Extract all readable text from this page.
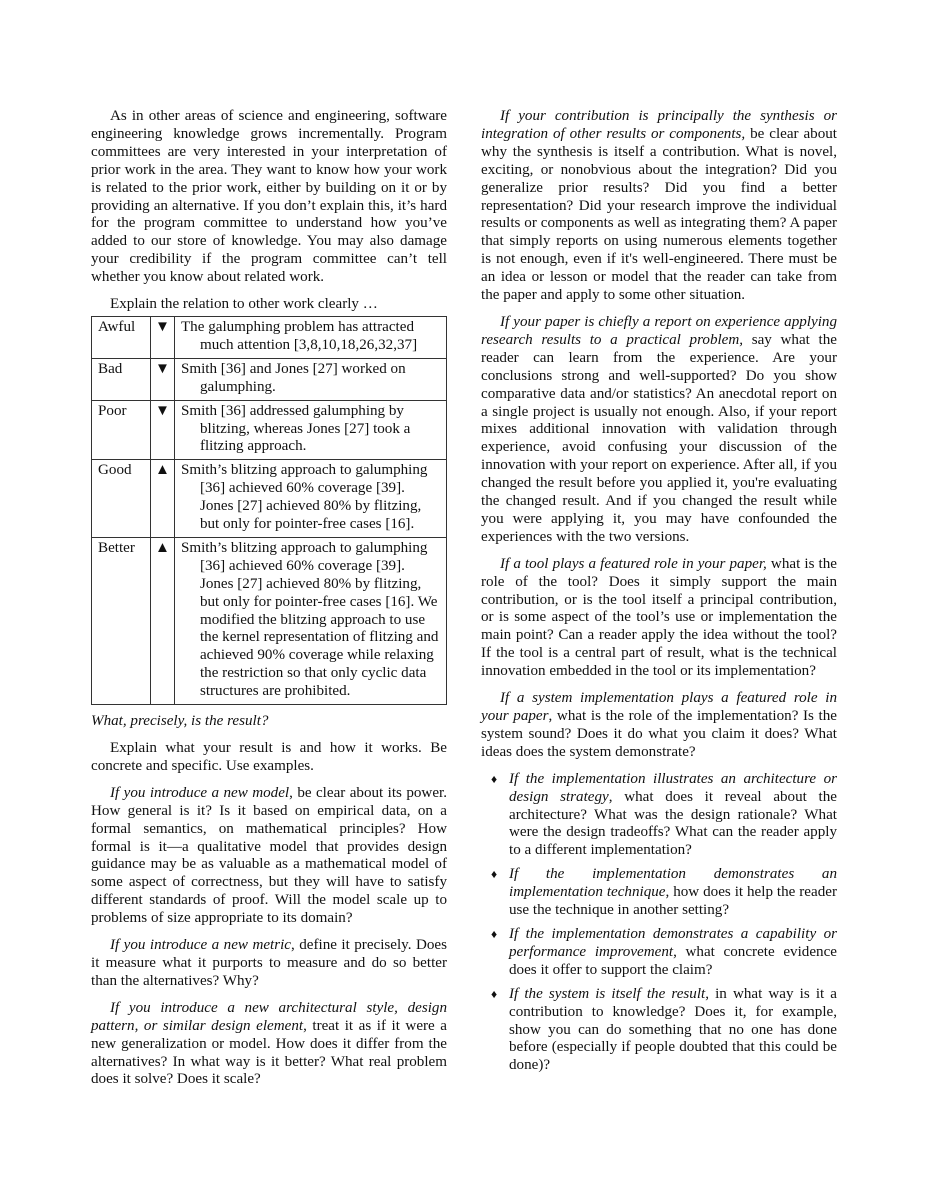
As in other areas of science and engineering, software engineering knowledge grows incrementally. Program committees are very interested in your interpretation of prior work in the area. They want to know how your work is related to the prior work, either by building on it or by providing an alternative. If you don’t explain this, it’s hard for the program committee to understand how you’ve added to our store of knowledge. You may also damage your credibility if the program committee can’t tell whether you know about related work.

Explain the relation to other work clearly …
Awful	▼	The galumphing problem has attracted much attention [3,8,10,18,26,32,37]

Bad	▼	Smith [36] and Jones [27] worked on galumphing.

Poor	▼	Smith [36] addressed galumphing by blitzing, whereas Jones [27] took a flitzing approach.

Good	▲	Smith’s blitzing approach to galumphing [36] achieved 60% coverage [39]. Jones [27] achieved 80% by flitzing, but only for pointer-free cases [16].

Better	▲	Smith’s blitzing approach to galumphing [36] achieved 60% coverage [39]. Jones [27] achieved 80% by flitzing, but only for pointer-free cases [16]. We modified the blitzing approach to use the kernel representation of flitzing and achieved 90% coverage while relaxing the restriction so that only cyclic data structures are prohibited.
What, precisely, is the result?

Explain what your result is and how it works. Be concrete and specific. Use examples.

If you introduce a new model, be clear about its power. How general is it? Is it based on empirical data, on a formal semantics, on mathematical principles? How formal is it—a qualitative model that provides design guidance may be as valuable as a mathematical model of some aspect of correctness, but they will have to satisfy different standards of proof. Will the model scale up to problems of size appropriate to its domain?

If you introduce a new metric, define it precisely. Does it measure what it purports to measure and do so better than the alternatives? Why?

If you introduce a new architectural style, design pattern, or similar design element, treat it as if it were a new generalization or model. How does it differ from the alternatives? In what way is it better? What real problem does it solve? Does it scale?

If your contribution is principally the synthesis or integration of other results or components, be clear about why the synthesis is itself a contribution. What is novel, exciting, or nonobvious about the integration? Did you generalize prior results? Did you find a better representation? Did your research improve the individual results or components as well as integrating them? A paper that simply reports on using numerous elements together is not enough, even if it's well-engineered. There must be an idea or lesson or model that the reader can take from the paper and apply to some other situation.

If your paper is chiefly a report on experience applying research results to a practical problem, say what the reader can learn from the experience. Are your conclusions strong and well-supported? Do you show comparative data and/or statistics? An anecdotal report on a single project is usually not enough. Also, if your report mixes additional innovation with validation through experience, avoid confusing your discussion of the innovation with your report on experience. After all, if you changed the result before you applied it, you're evaluating the changed result. And if you changed the result while you were applying it, you may have confounded the experiences with the two versions.

If a tool plays a featured role in your paper, what is the role of the tool? Does it simply support the main contribution, or is the tool itself a principal contribution, or is some aspect of the tool’s use or implementation the main point? Can a reader apply the idea without the tool? If the tool is a central part of result, what is the technical innovation embedded in the tool or its implementation?

If a system implementation plays a featured role in your paper, what is the role of the implementation? Is the system sound? Does it do what you claim it does? What ideas does the system demonstrate?

♦ If the implementation illustrates an architecture or design strategy, what does it reveal about the architecture? What was the design rationale? What were the design tradeoffs? What can the reader apply to a different implementation?
♦ If the implementation demonstrates an implementation technique, how does it help the reader use the technique in another setting?
♦ If the implementation demonstrates a capability or performance improvement, what concrete evidence does it offer to support the claim?
♦ If the system is itself the result, in what way is it a contribution to knowledge? Does it, for example, show you can do something that no one has done before (especially if people doubted that this could be done)?
